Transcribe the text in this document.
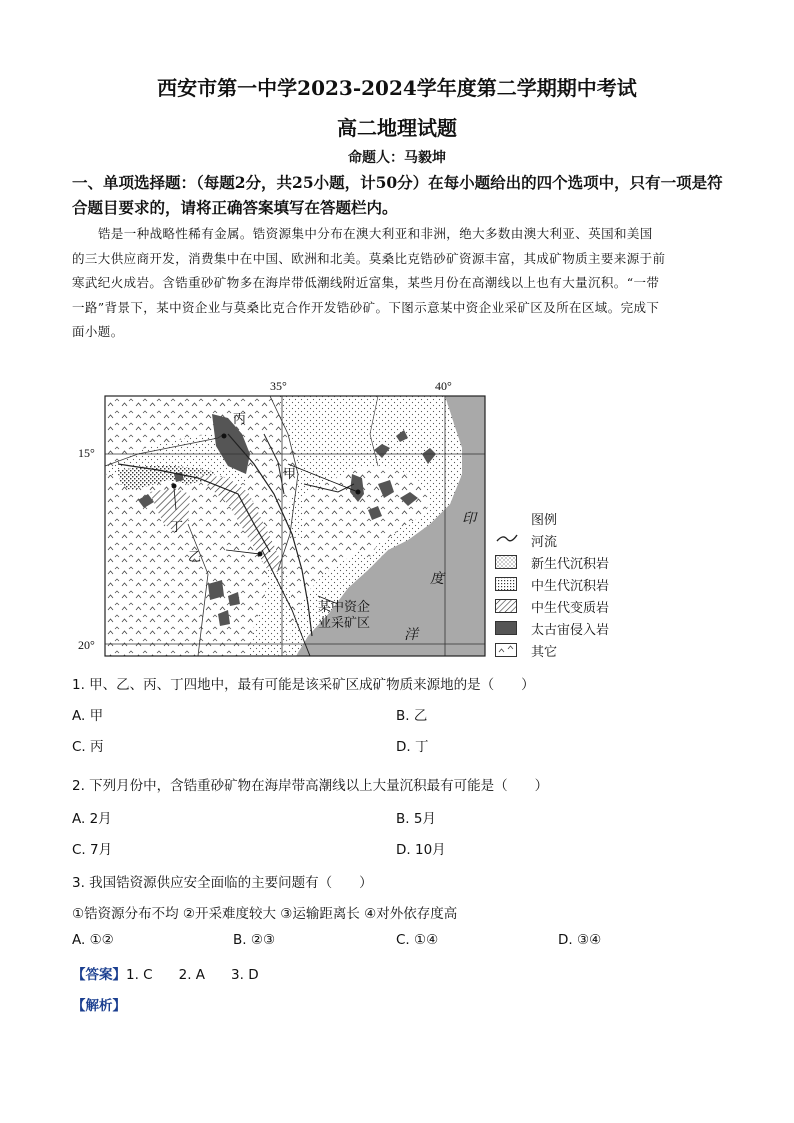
西安市第一中学2023-2024学年度第二学期期中考试
高二地理试题
命题人：马毅坤
一、单项选择题：（每题2分，共25小题，计50分）在每小题给出的四个选项中，只有一项是符合题目要求的，请将正确答案填写在答题栏内。
锆是一种战略性稀有金属。锆资源集中分布在澳大利亚和非洲，绝大多数由澳大利亚、英国和美国
的三大供应商开发，消费集中在中国、欧洲和北美。莫桑比克锆砂矿资源丰富，其成矿物质主要来源于前
寒武纪火成岩。含锆重砂矿物多在海岸带低潮线附近富集，某些月份在高潮线以上也有大量沉积。“一带
一路”背景下，某中资企业与莫桑比克合作开发锆砂矿。下图示意某中资企业采矿区及所在区域。完成下
面小题。
35°	40°
15°
20°
丙
甲
丁
乙
印
度
洋
某中资企
业采矿区
图例
河流
新生代沉积岩
中生代沉积岩
中生代变质岩
太古宙侵入岩
其它
1. 甲、乙、丙、丁四地中，最有可能是该采矿区成矿物质来源地的是（　　）
A. 甲	B. 乙
C. 丙	D. 丁
2. 下列月份中，含锆重砂矿物在海岸带高潮线以上大量沉积最有可能是（　　）
A. 2月	B. 5月
C. 7月	D. 10月
3. 我国锆资源供应安全面临的主要问题有（　　）
①锆资源分布不均 ②开采难度较大 ③运输距离长 ④对外依存度高
A. ①②	B. ②③	C. ①④	D. ③④
【答案】1. C 2. A 3. D
【解析】
